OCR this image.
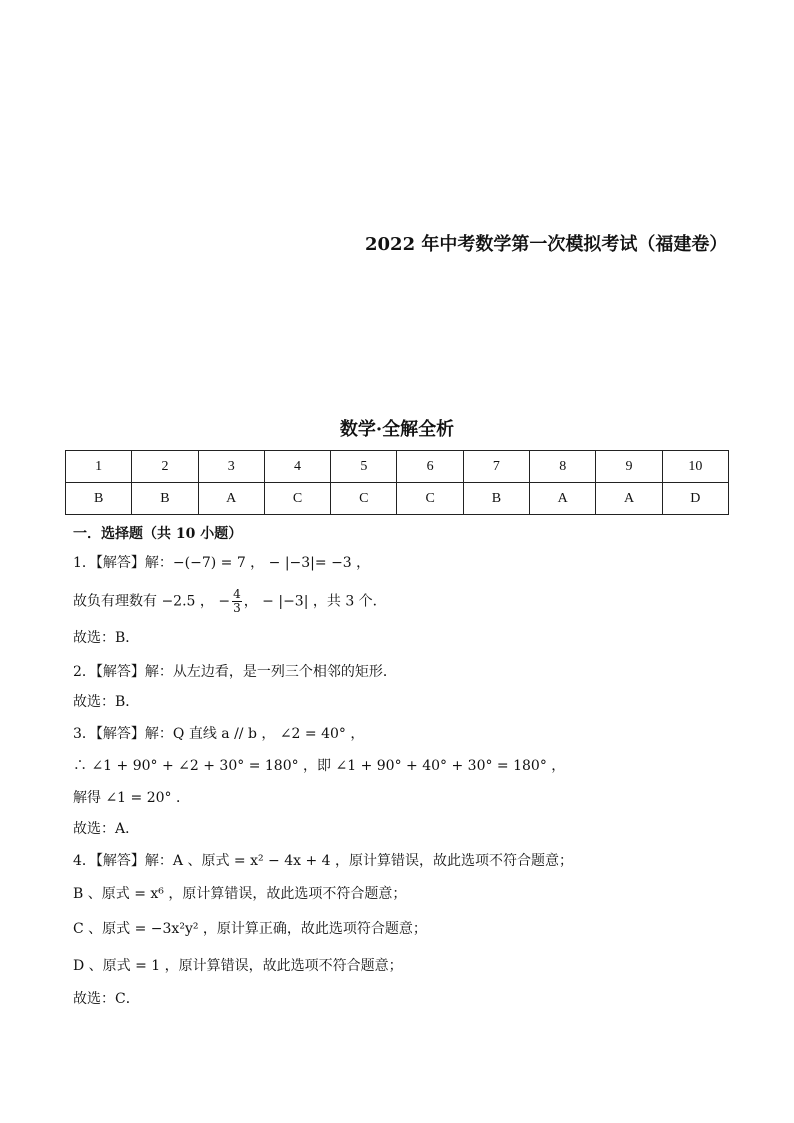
2022 年中考数学第一次模拟考试（福建卷）
数学·全解全析
1	2	3	4	5	6	7	8	9	10
B	B	A	C	C	C	B	A	A	D
一．选择题（共 10 小题）
1．【解答】解：−(−7) = 7 ， − |−3|= −3 ，
故负有理数有 −2.5 ， − $\frac{4}{3}$ ， − |−3| ，共 3 个．
故选：B．
2．【解答】解：从左边看，是一列三个相邻的矩形．
故选：B．
3．【解答】解：Q 直线 a // b ， ∠2 = 40° ，
∴ ∠1 + 90° + ∠2 + 30° = 180° ，即 ∠1 + 90° + 40° + 30° = 180° ，
解得 ∠1 = 20° ．
故选：A．
4．【解答】解：A 、原式 = x² − 4x + 4 ，原计算错误，故此选项不符合题意；
B 、原式 = x⁶ ，原计算错误，故此选项不符合题意；
C 、原式 = −3x²y² ，原计算正确，故此选项符合题意；
D 、原式 = 1 ，原计算错误，故此选项不符合题意；
故选：C．
